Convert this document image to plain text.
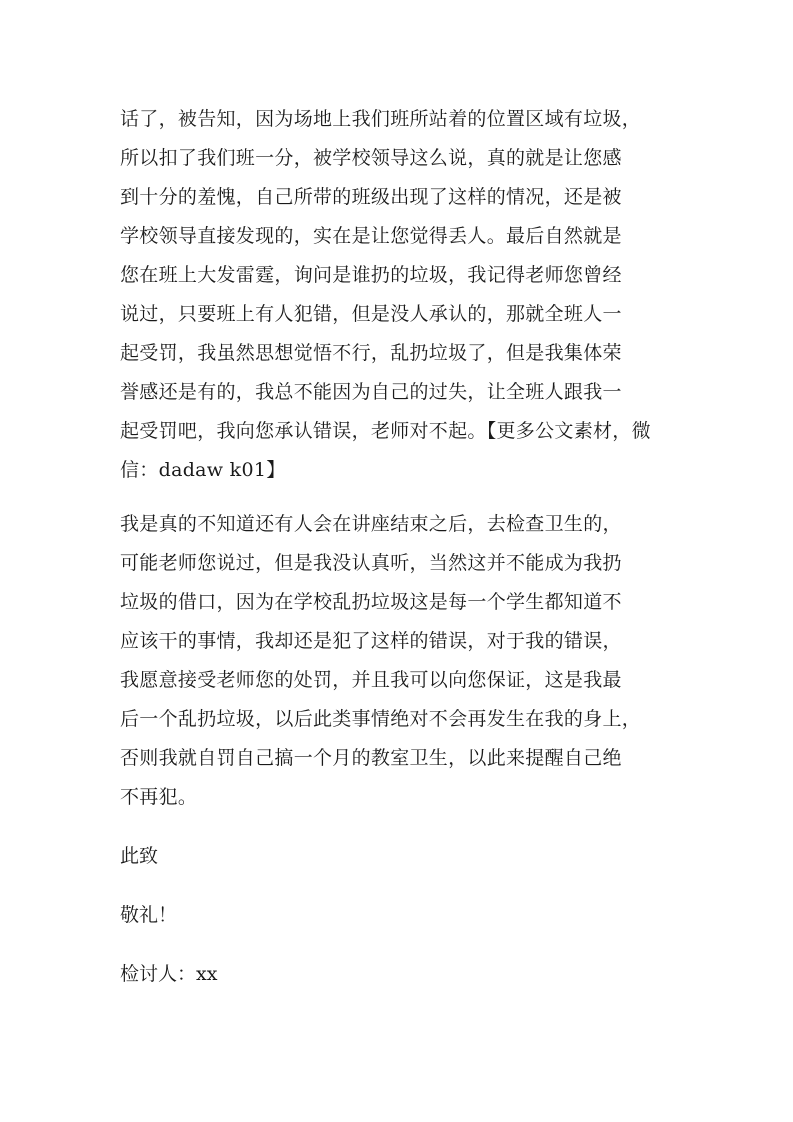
话了，被告知，因为场地上我们班所站着的位置区域有垃圾，
所以扣了我们班一分，被学校领导这么说，真的就是让您感
到十分的羞愧，自己所带的班级出现了这样的情况，还是被
学校领导直接发现的，实在是让您觉得丢人。最后自然就是
您在班上大发雷霆，询问是谁扔的垃圾，我记得老师您曾经
说过，只要班上有人犯错，但是没人承认的，那就全班人一
起受罚，我虽然思想觉悟不行，乱扔垃圾了，但是我集体荣
誉感还是有的，我总不能因为自己的过失，让全班人跟我一
起受罚吧，我向您承认错误，老师对不起。【更多公文素材，微
信：dadaw k01】
我是真的不知道还有人会在讲座结束之后，去检查卫生的，
可能老师您说过，但是我没认真听，当然这并不能成为我扔
垃圾的借口，因为在学校乱扔垃圾这是每一个学生都知道不
应该干的事情，我却还是犯了这样的错误，对于我的错误，
我愿意接受老师您的处罚，并且我可以向您保证，这是我最
后一个乱扔垃圾，以后此类事情绝对不会再发生在我的身上，
否则我就自罚自己搞一个月的教室卫生，以此来提醒自己绝
不再犯。
此致
敬礼！
检讨人：xx
